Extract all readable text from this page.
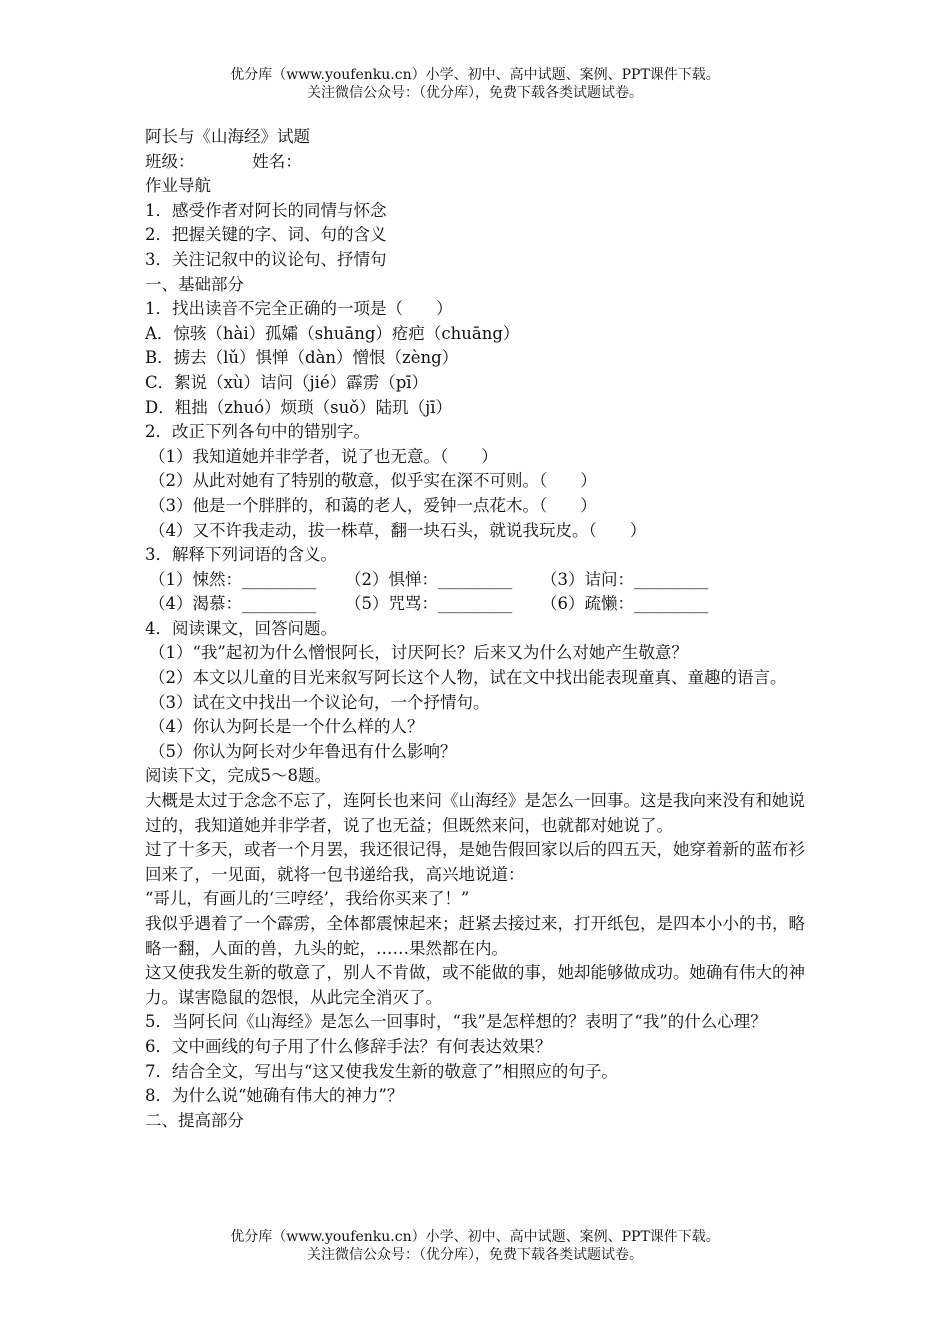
优分库（www.youfenku.cn）小学、初中、高中试题、案例、PPT课件下载。
关注微信公众号：（优分库），免费下载各类试题试卷。
阿长与《山海经》试题
班级：　　　　姓名：
作业导航
1．感受作者对阿长的同情与怀念
2．把握关键的字、词、句的含义
3．关注记叙中的议论句、抒情句
一、基础部分
1．找出读音不完全正确的一项是（　　）
A．惊骇（hài）孤孀（shuāng）疮疤（chuāng）
B．掳去（lǔ）惧惮（dàn）憎恨（zèng）
C．絮说（xù）诘问（jié）霹雳（pī）
D．粗拙（zhuó）烦琐（suǒ）陆玑（jī）
2．改正下列各句中的错别字。
（1）我知道她并非学者，说了也无意。（　　）
（2）从此对她有了特别的敬意，似乎实在深不可则。（　　）
（3）他是一个胖胖的，和蔼的老人，爱钟一点花木。（　　）
（4）又不许我走动，拔一株草，翻一块石头，就说我玩皮。（　　）
3．解释下列词语的含义。
（1）悚然：_________	（2）惧惮：_________	（3）诘问：_________
（4）渴慕：_________	（5）咒骂：_________	（6）疏懒：_________
4．阅读课文，回答问题。
（1）“我”起初为什么憎恨阿长，讨厌阿长？后来又为什么对她产生敬意？
（2）本文以儿童的目光来叙写阿长这个人物，试在文中找出能表现童真、童趣的语言。
（3）试在文中找出一个议论句，一个抒情句。
（4）你认为阿长是一个什么样的人？
（5）你认为阿长对少年鲁迅有什么影响？
阅读下文，完成5～8题。
大概是太过于念念不忘了，连阿长也来问《山海经》是怎么一回事。这是我向来没有和她说过的，我知道她并非学者，说了也无益；但既然来问，也就都对她说了。
过了十多天，或者一个月罢，我还很记得，是她告假回家以后的四五天，她穿着新的蓝布衫回来了，一见面，就将一包书递给我，高兴地说道：
“哥儿，有画儿的‘三哼经’，我给你买来了！”
我似乎遇着了一个霹雳，全体都震悚起来；赶紧去接过来，打开纸包，是四本小小的书，略略一翻，人面的兽，九头的蛇，……果然都在内。
这又使我发生新的敬意了，别人不肯做，或不能做的事，她却能够做成功。她确有伟大的神力。谋害隐鼠的怨恨，从此完全消灭了。
5．当阿长问《山海经》是怎么一回事时，“我”是怎样想的？表明了“我”的什么心理？
6．文中画线的句子用了什么修辞手法？有何表达效果？
7．结合全文，写出与“这又使我发生新的敬意了”相照应的句子。
8．为什么说“她确有伟大的神力”？
二、提高部分
优分库（www.youfenku.cn）小学、初中、高中试题、案例、PPT课件下载。
关注微信公众号：（优分库），免费下载各类试题试卷。
